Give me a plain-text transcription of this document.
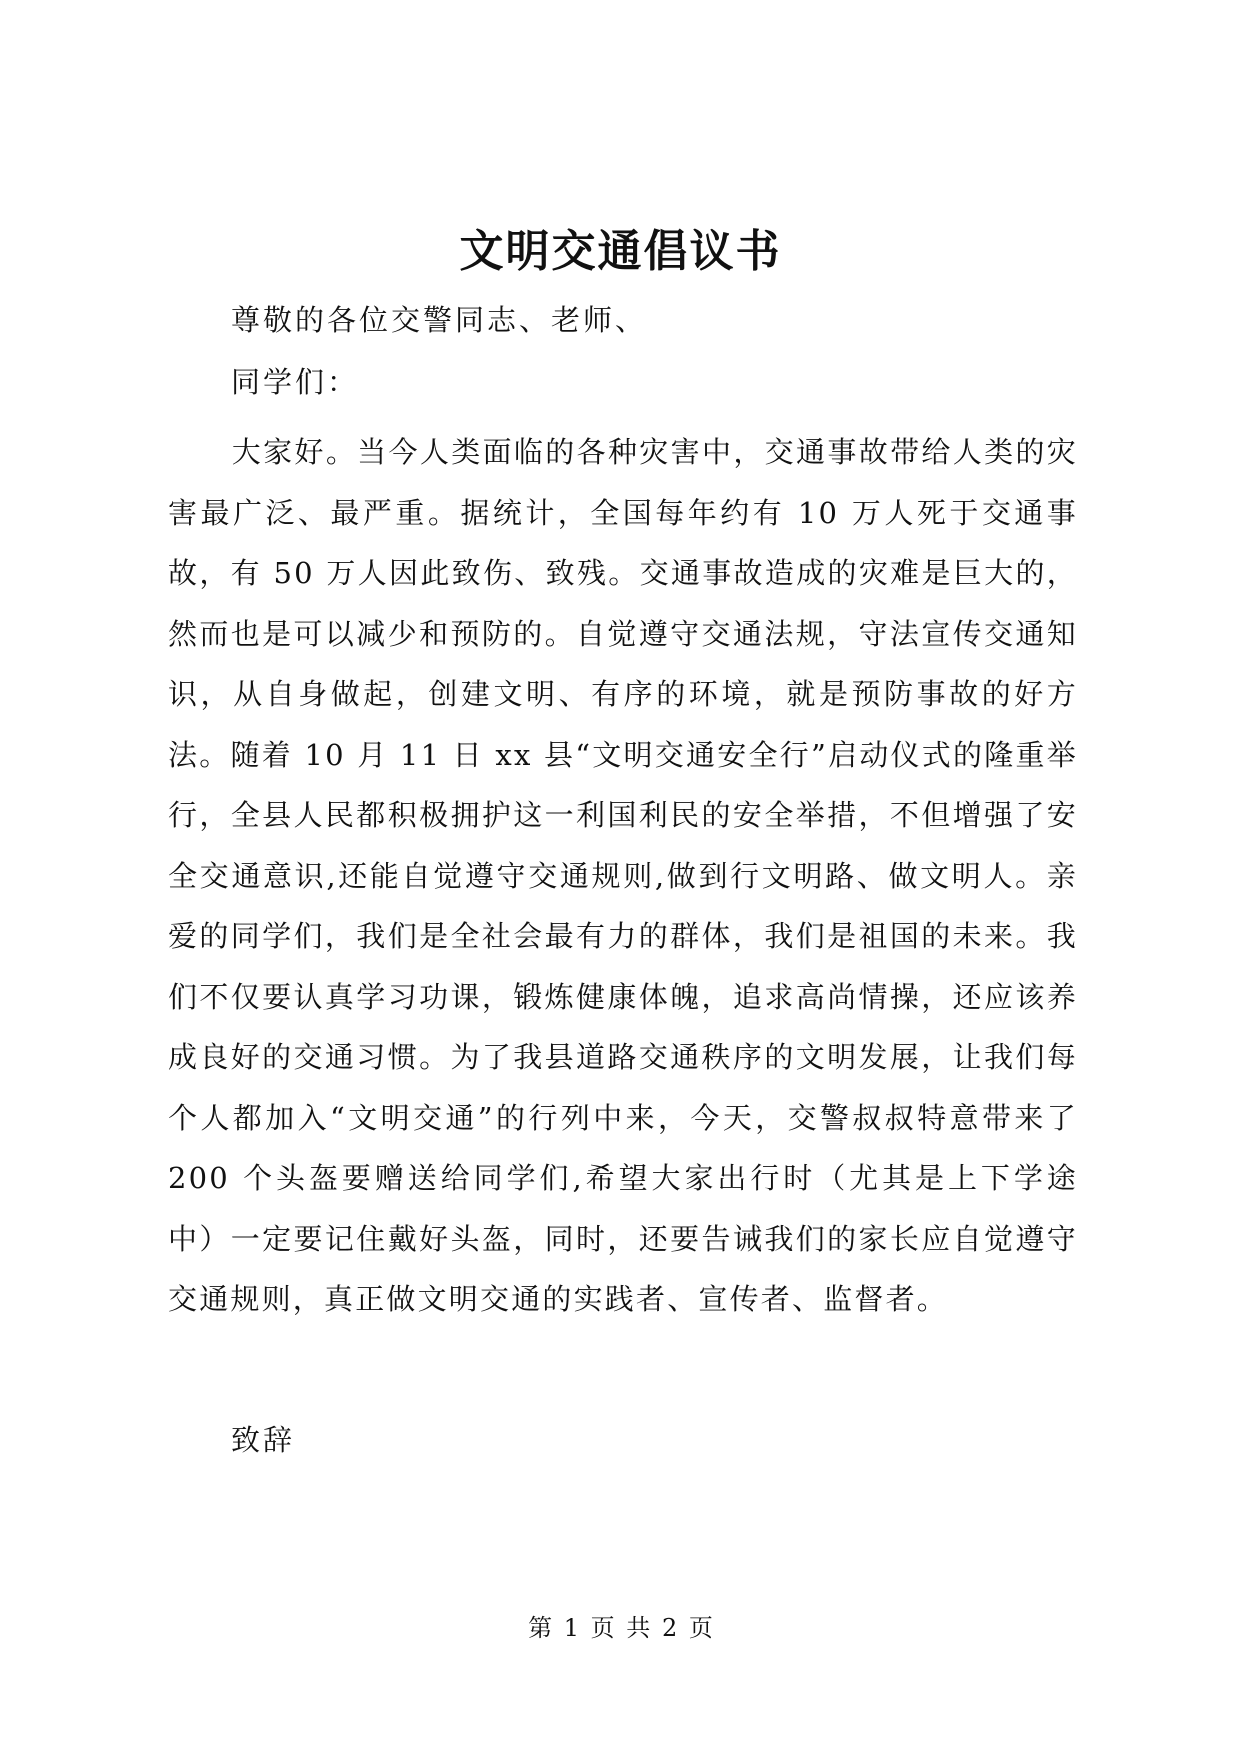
文明交通倡议书

尊敬的各位交警同志、老师、

同学们：

大家好。当今人类面临的各种灾害中，交通事故带给人类的灾害最广泛、最严重。据统计，全国每年约有 10 万人死于交通事故，有 50 万人因此致伤、致残。交通事故造成的灾难是巨大的，然而也是可以减少和预防的。自觉遵守交通法规，守法宣传交通知识，从自身做起，创建文明、有序的环境，就是预防事故的好方法。随着 10 月 11 日 xx 县“文明交通安全行”启动仪式的隆重举行，全县人民都积极拥护这一利国利民的安全举措，不但增强了安全交通意识,还能自觉遵守交通规则,做到行文明路、做文明人。亲爱的同学们，我们是全社会最有力的群体，我们是祖国的未来。我们不仅要认真学习功课，锻炼健康体魄，追求高尚情操，还应该养成良好的交通习惯。为了我县道路交通秩序的文明发展，让我们每个人都加入“文明交通”的行列中来，今天，交警叔叔特意带来了 200 个头盔要赠送给同学们,希望大家出行时（尤其是上下学途中）一定要记住戴好头盔，同时，还要告诫我们的家长应自觉遵守交通规则，真正做文明交通的实践者、宣传者、监督者。

致辞

第 1 页 共 2 页
